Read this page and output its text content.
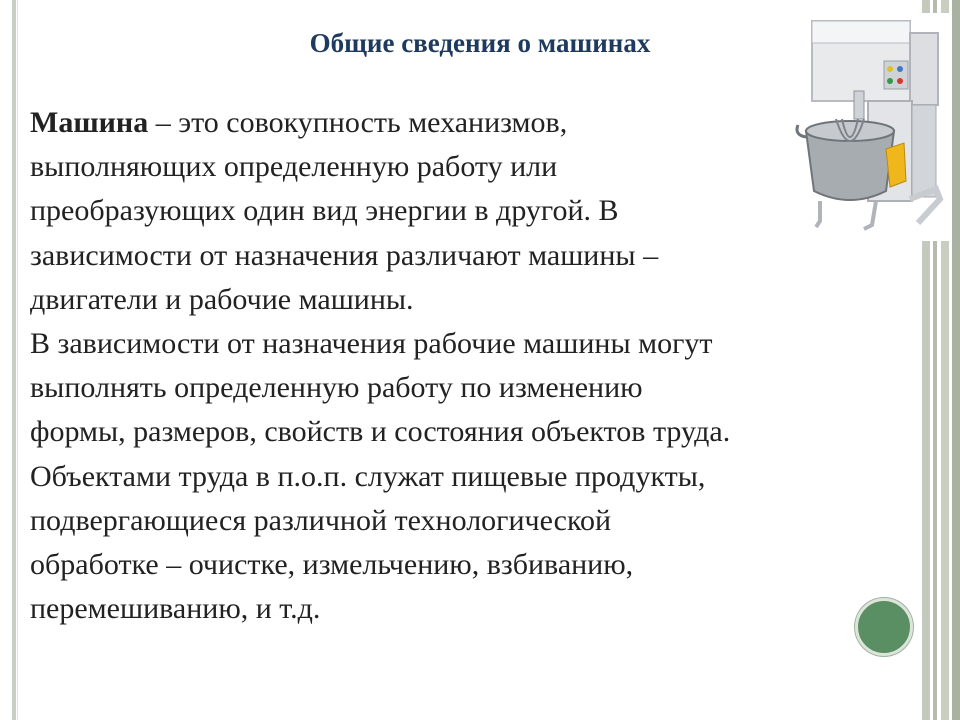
Общие сведения о машинах

Машина – это совокупность механизмов,

выполняющих определенную работу или

преобразующих один вид энергии в другой. В

зависимости от назначения различают машины –

двигатели и рабочие машины.

В зависимости от назначения рабочие машины могут

выполнять определенную работу по изменению

формы, размеров, свойств и состояния объектов труда.

Объектами труда в п.о.п. служат пищевые продукты,

подвергающиеся различной технологической

обработке – очистке, измельчению, взбиванию,

перемешиванию, и т.д.
